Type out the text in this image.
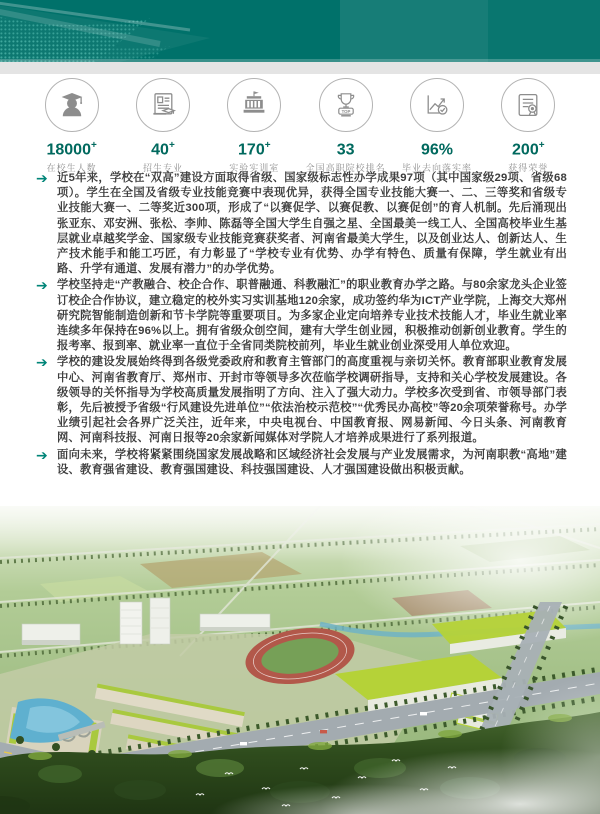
18000+
在校生人数
40+
招生专业
170+
实验实训室
TOP
33
全国高职院校排名
96%
毕业去向落实率
200+
获得荣誉
➔ 近5年来，学校在“双高”建设方面取得省级、国家级标志性办学成果97项（其中国家级29项、省级68项）。学生在全国及省级专业技能竞赛中表现优异，获得全国专业技能大赛一、二、三等奖和省级专业技能大赛一、二等奖近300项，形成了“以赛促学、以赛促教、以赛促创”的育人机制。先后涌现出张亚东、邓安洲、张松、李帅、陈磊等全国大学生自强之星、全国最美一线工人、全国高校毕业生基层就业卓越奖学金、国家级专业技能竞赛获奖者、河南省最美大学生，以及创业达人、创新达人、生产技术能手和能工巧匠，有力彰显了“学校专业有优势、办学有特色、质量有保障，学生就业有出路、升学有通道、发展有潜力”的办学优势。
➔ 学校坚持走“产教融合、校企合作、职普融通、科教融汇”的职业教育办学之路。与80余家龙头企业签订校企合作协议，建立稳定的校外实习实训基地120余家，成功签约华为ICT产业学院，上海交大郑州研究院智能制造创新和节卡学院等重要项目。为多家企业定向培养专业技术技能人才，毕业生就业率连续多年保持在96%以上。拥有省级众创空间，建有大学生创业园，积极推动创新创业教育。学生的报考率、报到率、就业率一直位于全省同类院校前列，毕业生就业创业深受用人单位欢迎。
➔ 学校的建设发展始终得到各级党委政府和教育主管部门的高度重视与亲切关怀。教育部职业教育发展中心、河南省教育厅、郑州市、开封市等领导多次莅临学校调研指导，支持和关心学校发展建设。各级领导的关怀指导为学校高质量发展指明了方向、注入了强大动力。学校多次受到省、市领导部门表彰，先后被授予省级“行风建设先进单位”“依法治校示范校”“优秀民办高校”等20余项荣誉称号。办学业绩引起社会各界广泛关注，近年来，中央电视台、中国教育报、网易新闻、今日头条、河南教育网、河南科技报、河南日报等20余家新闻媒体对学院人才培养成果进行了系列报道。
➔ 面向未来，学校将紧紧围绕国家发展战略和区域经济社会发展与产业发展需求，为河南职教“高地”建设、教育强省建设、教育强国建设、科技强国建设、人才强国建设做出积极贡献。
